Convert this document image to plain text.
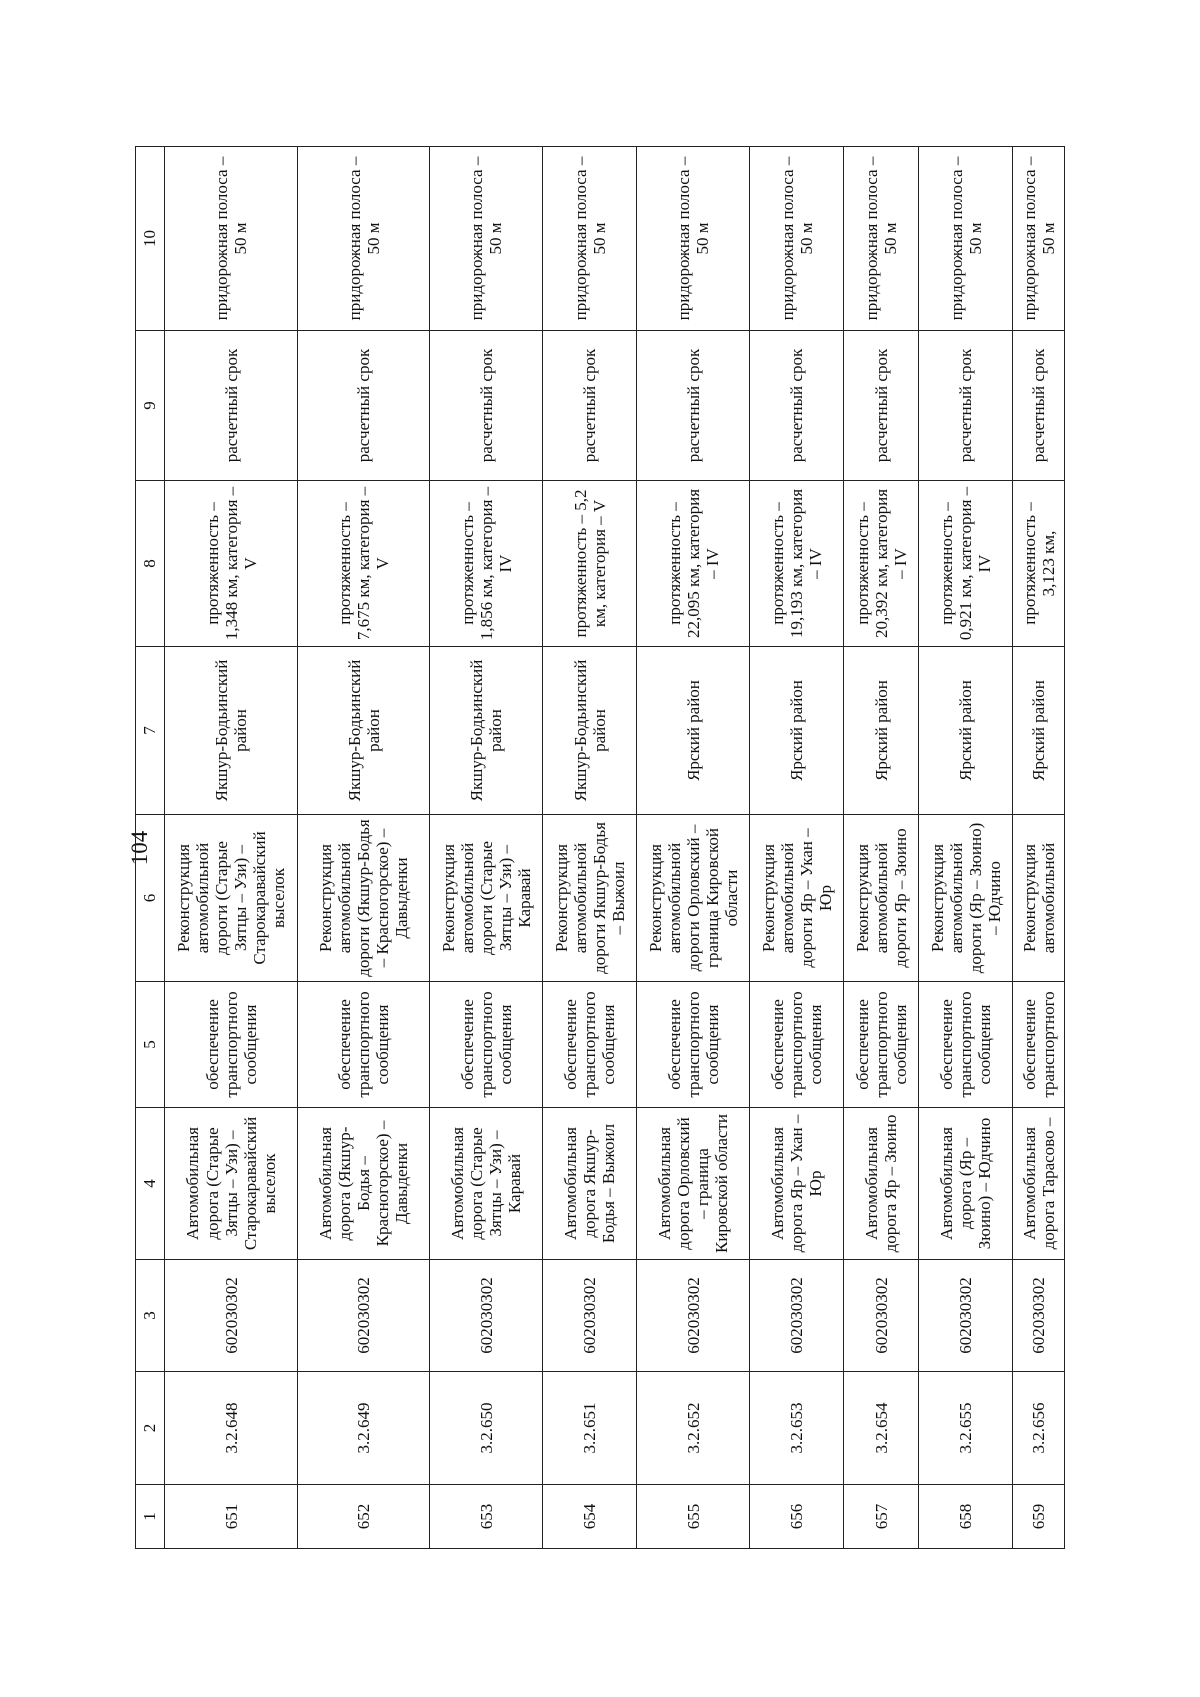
104
1	2	3	4	5	6	7	8	9	10
651	3.2.648	602030302	Автомобильная дорога (Старые Зятцы – Узи) – Старокаравайский выселок	обеспечение транспортного сообщения	Реконструкция автомобильной дороги (Старые Зятцы – Узи) – Старокаравайский выселок	Якшур-Бодьинский район	протяженность – 1,348 км, категория – V	расчетный срок	придорожная полоса – 50 м
652	3.2.649	602030302	Автомобильная дорога (Якшур-Бодья – Красногорское) – Давыденки	обеспечение транспортного сообщения	Реконструкция автомобильной дороги (Якшур-Бодья – Красногорское) – Давыденки	Якшур-Бодьинский район	протяженность – 7,675 км, категория – V	расчетный срок	придорожная полоса – 50 м
653	3.2.650	602030302	Автомобильная дорога (Старые Зятцы – Узи) – Каравай	обеспечение транспортного сообщения	Реконструкция автомобильной дороги (Старые Зятцы – Узи) – Каравай	Якшур-Бодьинский район	протяженность – 1,856 км, категория – IV	расчетный срок	придорожная полоса – 50 м
654	3.2.651	602030302	Автомобильная дорога Якшур-Бодья – Выжоил	обеспечение транспортного сообщения	Реконструкция автомобильной дороги Якшур-Бодья – Выжоил	Якшур-Бодьинский район	протяженность – 5,2 км, категория – V	расчетный срок	придорожная полоса – 50 м
655	3.2.652	602030302	Автомобильная дорога Орловский – граница Кировской области	обеспечение транспортного сообщения	Реконструкция автомобильной дороги Орловский – граница Кировской области	Ярский район	протяженность – 22,095 км, категория – IV	расчетный срок	придорожная полоса – 50 м
656	3.2.653	602030302	Автомобильная дорога Яр – Укан – Юр	обеспечение транспортного сообщения	Реконструкция автомобильной дороги Яр – Укан – Юр	Ярский район	протяженность – 19,193 км, категория – IV	расчетный срок	придорожная полоса – 50 м
657	3.2.654	602030302	Автомобильная дорога Яр – Зюино	обеспечение транспортного сообщения	Реконструкция автомобильной дороги Яр – Зюино	Ярский район	протяженность – 20,392 км, категория – IV	расчетный срок	придорожная полоса – 50 м
658	3.2.655	602030302	Автомобильная дорога (Яр – Зюино) – Юдчино	обеспечение транспортного сообщения	Реконструкция автомобильной дороги (Яр – Зюино) – Юдчино	Ярский район	протяженность – 0,921 км, категория – IV	расчетный срок	придорожная полоса – 50 м
659	3.2.656	602030302	Автомобильная дорога Тарасово –	обеспечение транспортного	Реконструкция автомобильной	Ярский район	протяженность – 3,123 км,	расчетный срок	придорожная полоса – 50 м
